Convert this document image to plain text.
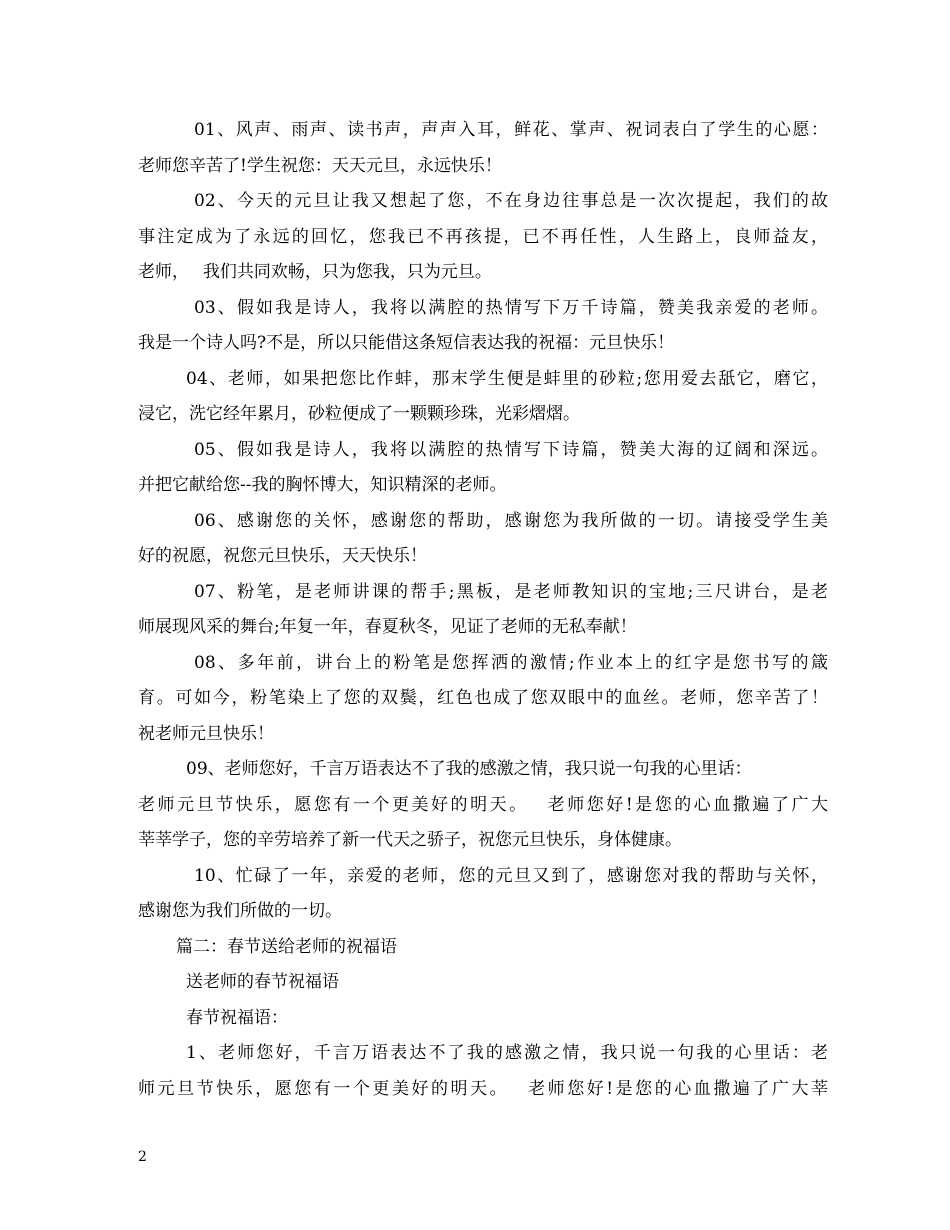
01、风声、雨声、读书声，声声入耳，鲜花、掌声、祝词表白了学生的心愿：
老师您辛苦了!学生祝您：天天元旦，永远快乐！
02、今天的元旦让我又想起了您，不在身边往事总是一次次提起，我们的故
事注定成为了永远的回忆，您我已不再孩提，已不再任性，人生路上，良师益友，
老师，　 我们共同欢畅，只为您我，只为元旦。
03、假如我是诗人，我将以满腔的热情写下万千诗篇，赞美我亲爱的老师。
我是一个诗人吗?不是，所以只能借这条短信表达我的祝福：元旦快乐！
04、老师，如果把您比作蚌，那末学生便是蚌里的砂粒;您用爱去舐它，磨它，
浸它，洗它经年累月，砂粒便成了一颗颗珍珠，光彩熠熠。
05、假如我是诗人，我将以满腔的热情写下诗篇，赞美大海的辽阔和深远。
并把它献给您--我的胸怀博大，知识精深的老师。
06、感谢您的关怀，感谢您的帮助，感谢您为我所做的一切。请接受学生美
好的祝愿，祝您元旦快乐，天天快乐！
07、粉笔，是老师讲课的帮手;黑板，是老师教知识的宝地;三尺讲台，是老
师展现风采的舞台;年复一年，春夏秋冬，见证了老师的无私奉献！
08、多年前，讲台上的粉笔是您挥洒的激情;作业本上的红字是您书写的箴
育。可如今，粉笔染上了您的双鬓，红色也成了您双眼中的血丝。老师，您辛苦了！
祝老师元旦快乐！
09、老师您好，千言万语表达不了我的感激之情，我只说一句我的心里话：
老师元旦节快乐，愿您有一个更美好的明天。　 老师您好!是您的心血撒遍了广大
莘莘学子，您的辛劳培养了新一代天之骄子，祝您元旦快乐，身体健康。
10、忙碌了一年，亲爱的老师，您的元旦又到了，感谢您对我的帮助与关怀，
感谢您为我们所做的一切。
篇二：春节送给老师的祝福语
送老师的春节祝福语
春节祝福语：
1、老师您好，千言万语表达不了我的感激之情，我只说一句我的心里话：老
师元旦节快乐，愿您有一个更美好的明天。　 老师您好!是您的心血撒遍了广大莘
2
